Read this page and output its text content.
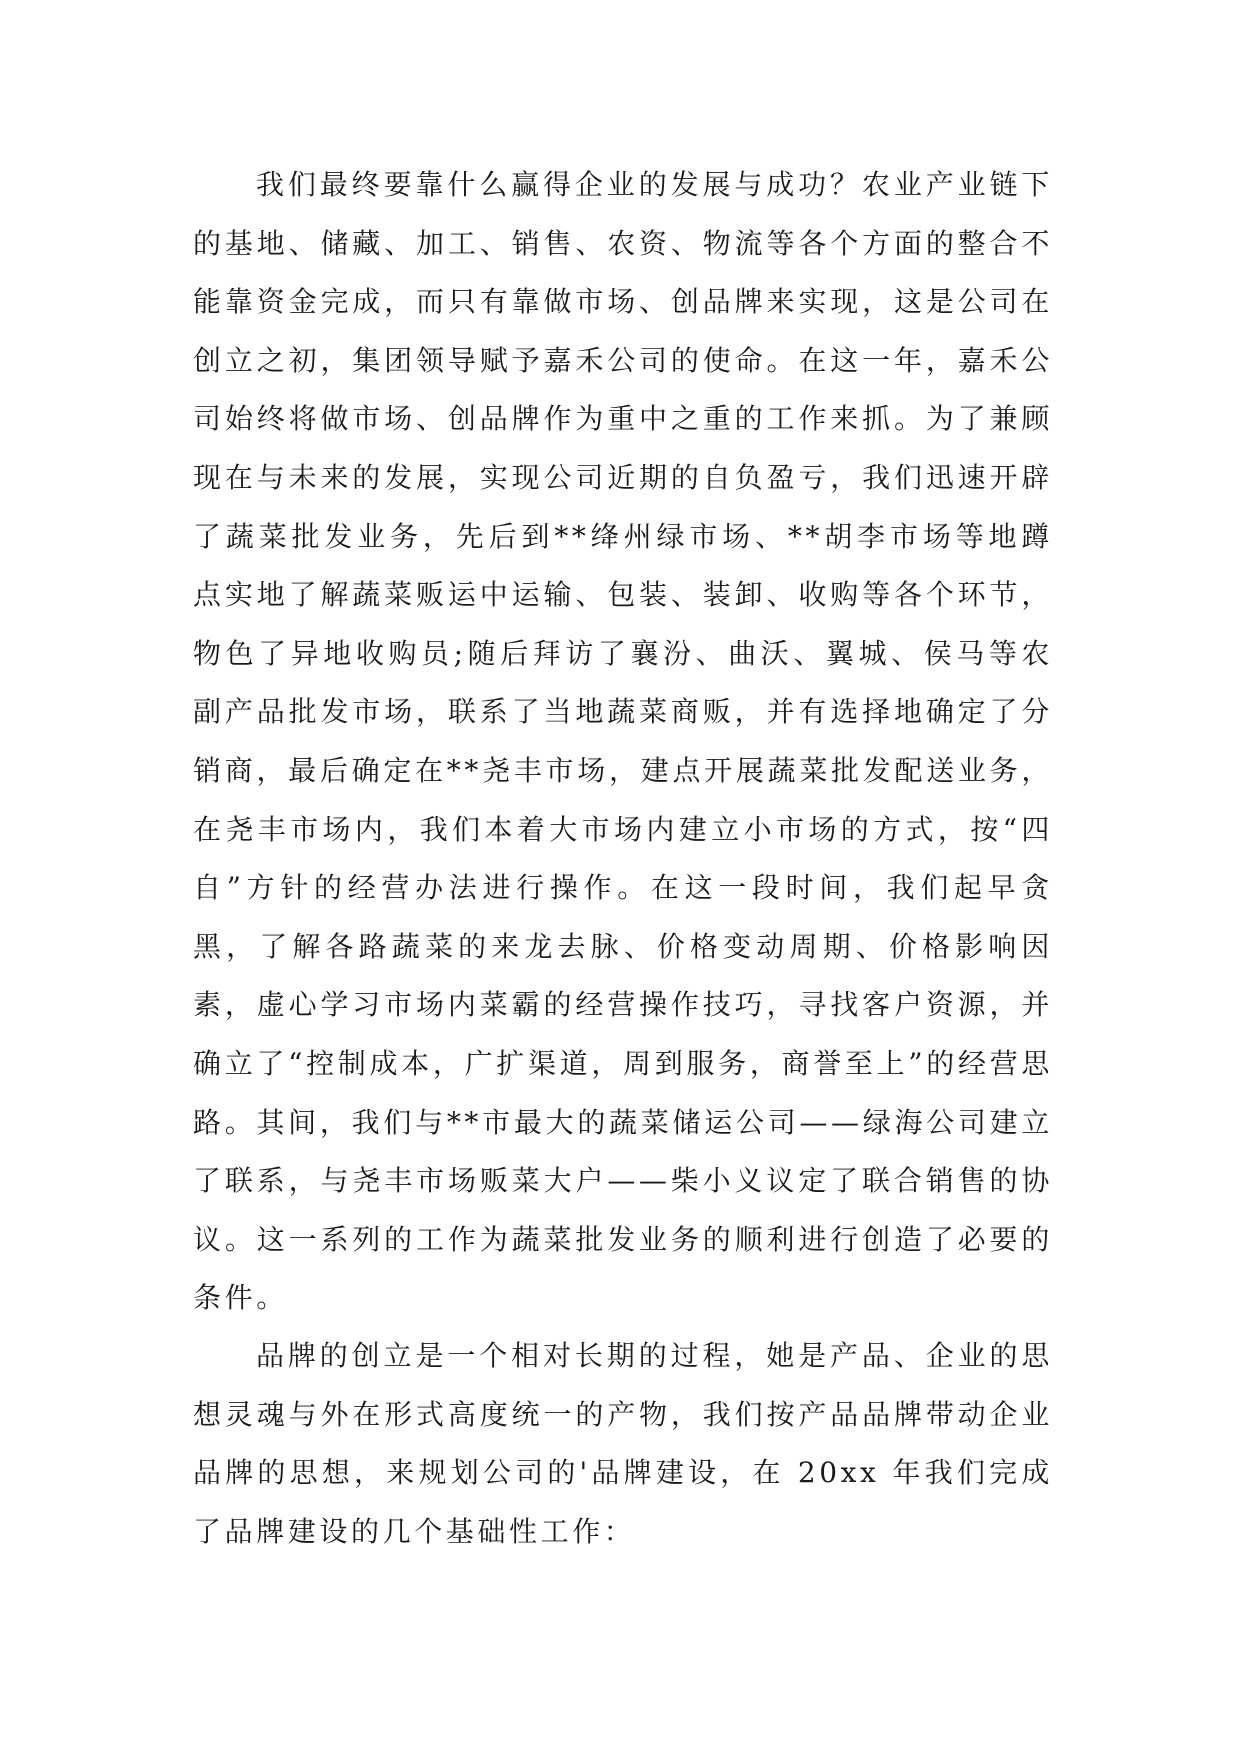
我们最终要靠什么赢得企业的发展与成功？农业产业链下的基地、储藏、加工、销售、农资、物流等各个方面的整合不能靠资金完成，而只有靠做市场、创品牌来实现，这是公司在创立之初，集团领导赋予嘉禾公司的使命。在这一年，嘉禾公司始终将做市场、创品牌作为重中之重的工作来抓。为了兼顾现在与未来的发展，实现公司近期的自负盈亏，我们迅速开辟了蔬菜批发业务，先后到**绛州绿市场、**胡李市场等地蹲点实地了解蔬菜贩运中运输、包装、装卸、收购等各个环节，物色了异地收购员;随后拜访了襄汾、曲沃、翼城、侯马等农副产品批发市场，联系了当地蔬菜商贩，并有选择地确定了分销商，最后确定在**尧丰市场，建点开展蔬菜批发配送业务，在尧丰市场内，我们本着大市场内建立小市场的方式，按“四自”方针的经营办法进行操作。在这一段时间，我们起早贪黑，了解各路蔬菜的来龙去脉、价格变动周期、价格影响因素，虚心学习市场内菜霸的经营操作技巧，寻找客户资源，并确立了“控制成本，广扩渠道，周到服务，商誉至上”的经营思路。其间，我们与**市最大的蔬菜储运公司——绿海公司建立了联系，与尧丰市场贩菜大户——柴小义议定了联合销售的协议。这一系列的工作为蔬菜批发业务的顺利进行创造了必要的条件。

品牌的创立是一个相对长期的过程，她是产品、企业的思想灵魂与外在形式高度统一的产物，我们按产品品牌带动企业品牌的思想，来规划公司的'品牌建设，在 20xx 年我们完成了品牌建设的几个基础性工作：
